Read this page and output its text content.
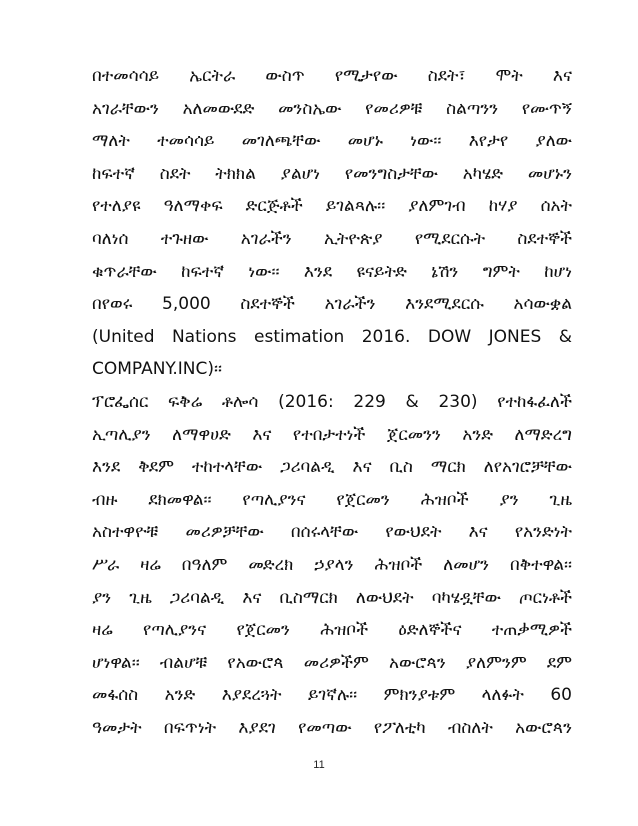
በተመሳሳይ ኤርትራ ውስጥ የሚታየው ስደት፣ ሞት እና
አገራቸውን አለመውደድ መንስኤው የመሪዎቹ ስልጣንን የሙጥኝ
ማለት ተመሳሳይ መገለጫቸው መሆኑ ነው፡፡ እየታየ ያለው
ከፍተኛ ስደት ትክክል ያልሆነ የመንግስታቸው አካሄድ መሆኑን
የተለያዩ ዓለማቀፍ ድርጅቶች ይገልጻሉ፡፡ ያለምገብ ከሃያ ሰአት
ባለነሰ ተጉዘው አገራችን ኢትዮጵያ የሚደርሱት ስደተኞች
ቁጥራቸው ከፍተኛ ነው፡፡ እንደ ዩናይትድ ኔሽን ግምት ከሆነ
በየወሩ 5,000 ስደተኞች አገራችን እንደሚደርሱ አሳውቋል
(United Nations estimation 2016. DOW JONES &
COMPANY.INC)፡፡
ፕሮፌሰር ፍቅሬ ቶሎሳ (2016: 229 & 230) የተከፋፈለች
ኢጣሊያን ለማዋሀድ እና የተበታተነች ጀርመንን አንድ ለማድረግ
እንደ ቅደም ተከተላቸው ጋሪባልዲ እና ቢስ ማርክ ለየአገሮቻቸው
ብዙ ደክመዋል፡፡ የጣሊያንና የጀርመን ሕዝቦች ያን ጊዜ
አስተዋዮቹ መሪዎቻቸው በሰሩላቸው የውህደት እና የአንድነት
ሥራ ዛሬ በዓለም መድረክ ኃያላን ሕዝቦች ለመሆን በቅተዋል፡፡
ያን ጊዜ ጋሪባልዲ እና ቢስማርክ ለውህደት ባካሄዷቸው ጦርነቶች
ዛሬ የጣሊያንና የጀርመን ሕዝቦች ዕድለኞችና ተጠቃሚዎች
ሆነዋል፡፡ ብልሆቹ የአውሮጳ መሪዎችም አውሮጳን ያለምንም ደም
መፋሰስ አንድ እያደረጓት ይገኛሉ፡፡ ምክንያቱም ላለፉት 60
ዓመታት በፍጥነት እያደገ የመጣው የፖለቲካ ብስለት አውሮጳን
11
